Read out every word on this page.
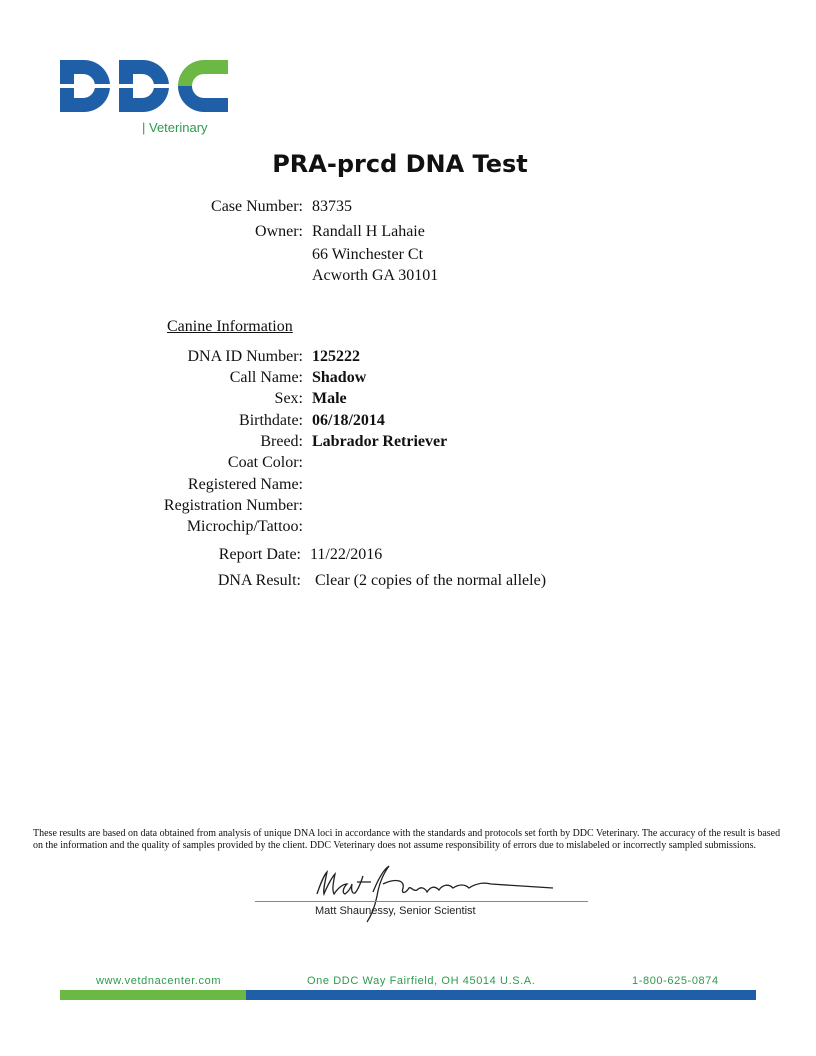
| Veterinary
PRA-prcd DNA Test
Case Number: 83735
Owner: Randall H Lahaie
66 Winchester Ct
Acworth GA 30101
Canine Information
DNA ID Number: 125222
Call Name: Shadow
Sex: Male
Birthdate: 06/18/2014
Breed: Labrador Retriever
Coat Color:
Registered Name:
Registration Number:
Microchip/Tattoo:
Report Date: 11/22/2016
DNA Result: Clear (2 copies of the normal allele)
These results are based on data obtained from analysis of unique DNA loci in accordance with the standards and protocols set forth by DDC Veterinary. The accuracy of the result is based on the information and the quality of samples provided by the client. DDC Veterinary does not assume responsibility of errors due to mislabeled or incorrectly sampled submissions.
Matt Shaunessy, Senior Scientist
www.vetdnacenter.com	One DDC Way Fairfield, OH 45014 U.S.A.	1-800-625-0874
